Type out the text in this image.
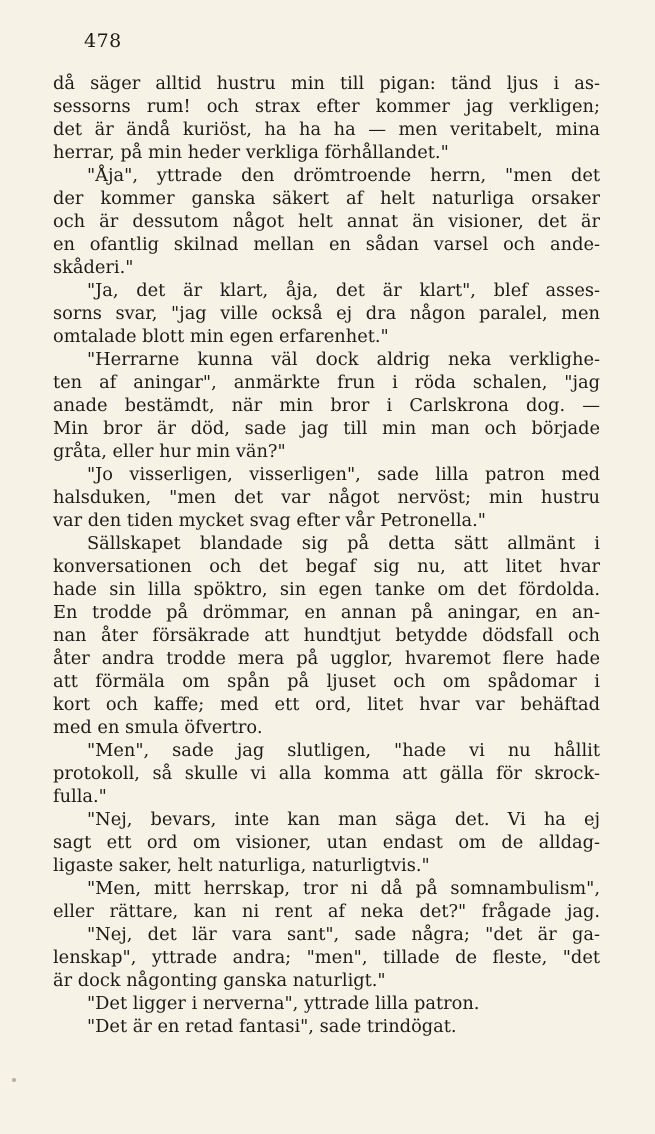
478
då säger alltid hustru min till pigan: tänd ljus i as-
sessorns rum! och strax efter kommer jag verkligen;
det är ändå kuriöst, ha ha ha — men veritabelt, mina
herrar, på min heder verkliga förhållandet."
"Åja", yttrade den drömtroende herrn, "men det
der kommer ganska säkert af helt naturliga orsaker
och är dessutom något helt annat än visioner, det är
en ofantlig skilnad mellan en sådan varsel och ande-
skåderi."
"Ja, det är klart, åja, det är klart", blef asses-
sorns svar, "jag ville också ej dra någon paralel, men
omtalade blott min egen erfarenhet."
"Herrarne kunna väl dock aldrig neka verklighe-
ten af aningar", anmärkte frun i röda schalen, "jag
anade bestämdt, när min bror i Carlskrona dog. —
Min bror är död, sade jag till min man och började
gråta, eller hur min vän?"
"Jo visserligen, visserligen", sade lilla patron med
halsduken, "men det var något nervöst; min hustru
var den tiden mycket svag efter vår Petronella."
Sällskapet blandade sig på detta sätt allmänt i
konversationen och det begaf sig nu, att litet hvar
hade sin lilla spöktro, sin egen tanke om det fördolda.
En trodde på drömmar, en annan på aningar, en an-
nan åter försäkrade att hundtjut betydde dödsfall och
åter andra trodde mera på ugglor, hvaremot flere hade
att förmäla om spån på ljuset och om spådomar i
kort och kaffe; med ett ord, litet hvar var behäftad
med en smula öfvertro.
"Men", sade jag slutligen, "hade vi nu hållit
protokoll, så skulle vi alla komma att gälla för skrock-
fulla."
"Nej, bevars, inte kan man säga det. Vi ha ej
sagt ett ord om visioner, utan endast om de alldag-
ligaste saker, helt naturliga, naturligtvis."
"Men, mitt herrskap, tror ni då på somnambulism",
eller rättare, kan ni rent af neka det?" frågade jag.
"Nej, det lär vara sant", sade några; "det är ga-
lenskap", yttrade andra; "men", tillade de fleste, "det
är dock någonting ganska naturligt."
"Det ligger i nerverna", yttrade lilla patron.
"Det är en retad fantasi", sade trindögat.
